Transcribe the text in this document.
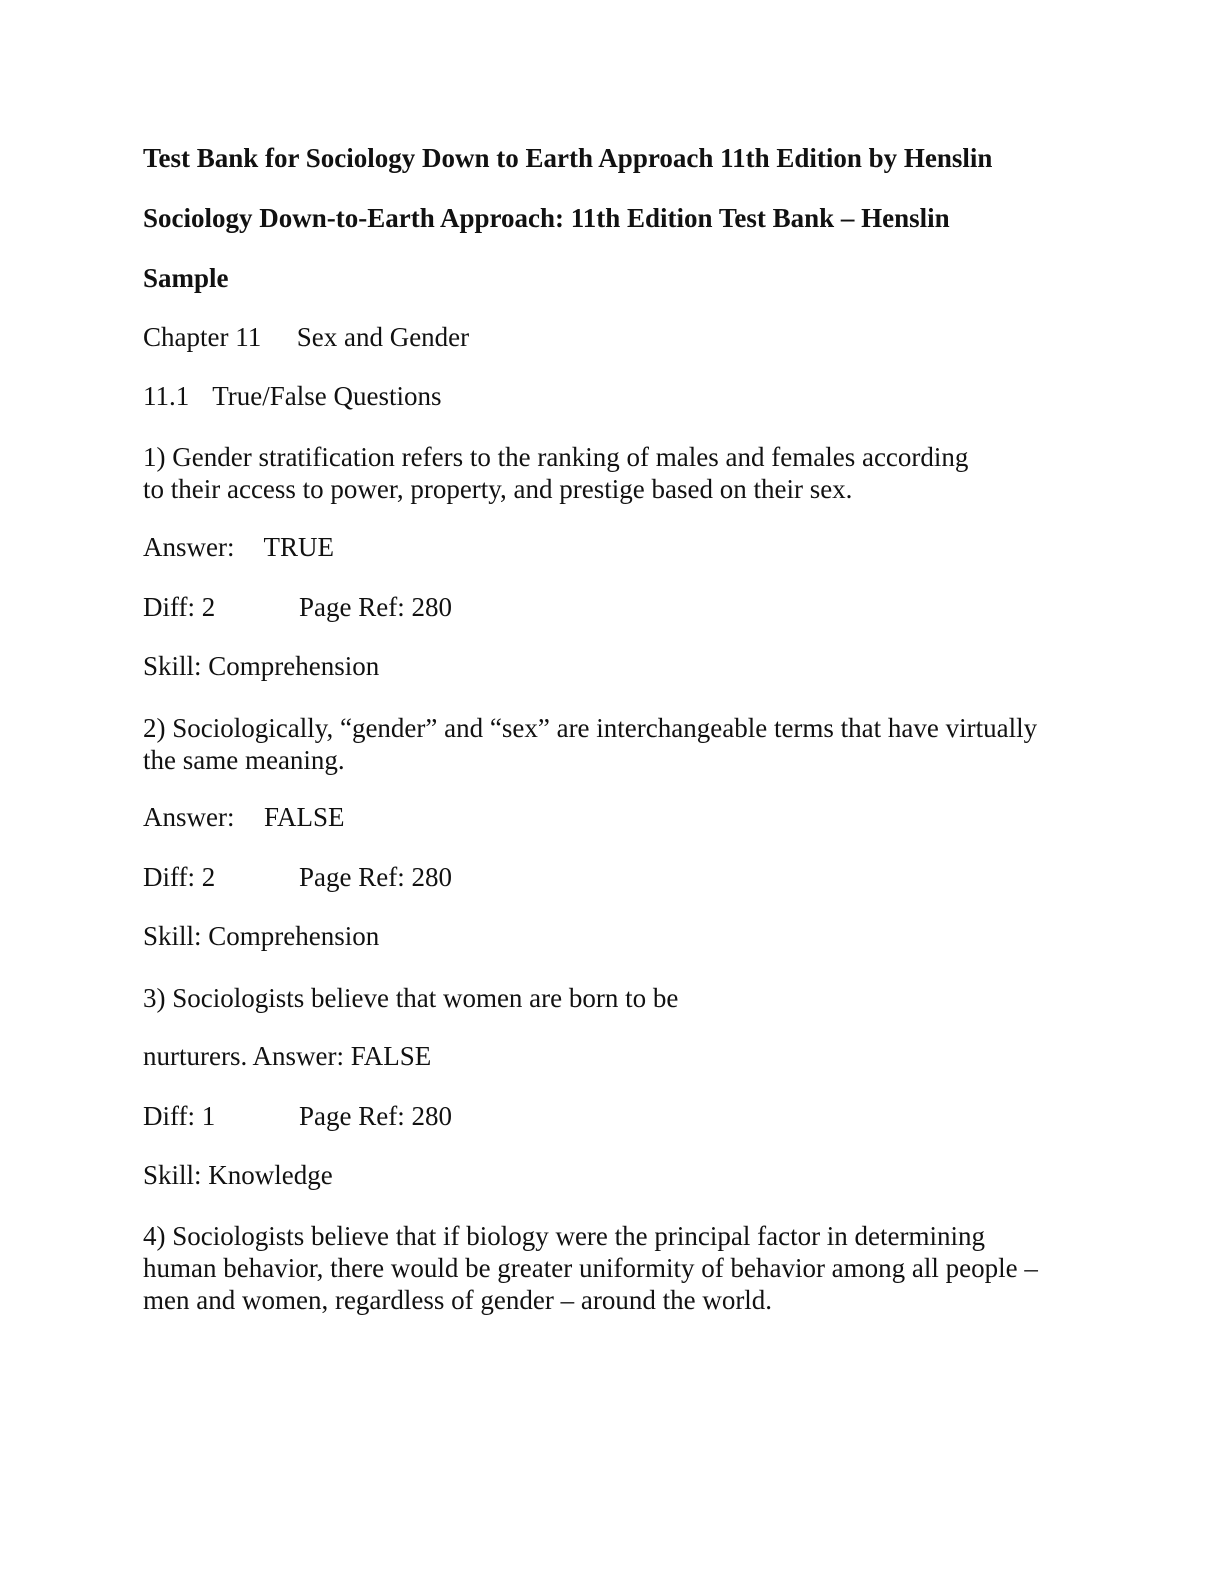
Test Bank for Sociology Down to Earth Approach 11th Edition by Henslin
Sociology Down-to-Earth Approach: 11th Edition Test Bank – Henslin
Sample
Chapter 11 Sex and Gender
11.1 True/False Questions
1) Gender stratification refers to the ranking of males and females according
to their access to power, property, and prestige based on their sex.
Answer: TRUE
Diff: 2	Page Ref: 280
Skill: Comprehension
2) Sociologically, “gender” and “sex” are interchangeable terms that have virtually
the same meaning.
Answer: FALSE
Diff: 2	Page Ref: 280
Skill: Comprehension
3) Sociologists believe that women are born to be
nurturers. Answer: FALSE
Diff: 1	Page Ref: 280
Skill: Knowledge
4) Sociologists believe that if biology were the principal factor in determining
human behavior, there would be greater uniformity of behavior among all people –
men and women, regardless of gender – around the world.
